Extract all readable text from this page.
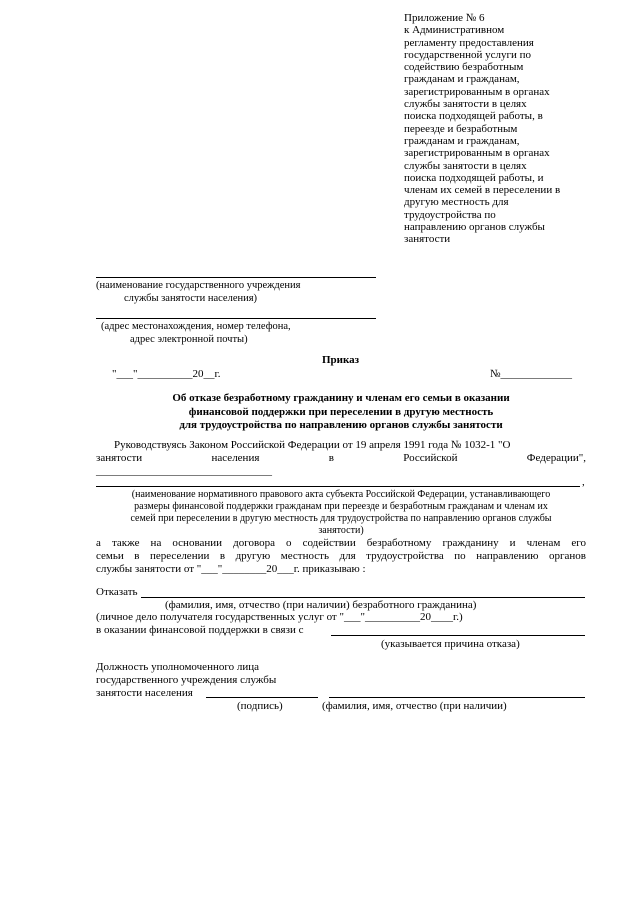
Приложение № 6
к Административном
регламенту предоставления
государственной услуги по
содействию безработным
гражданам и гражданам,
зарегистрированным в органах
службы занятости в целях
поиска подходящей работы, в
переезде и безработным
гражданам и гражданам,
зарегистрированным в органах
службы занятости в целях
поиска подходящей работы, и
членам их семей в переселении в
другую местность для
трудоустройства по
направлению органов службы
занятости
(наименование государственного учреждения
службы занятости населения)
(адрес местонахождения, номер телефона,
адрес электронной почты)
Приказ
"___"__________20__г.	№_____________
Об отказе безработному гражданину и членам его семьи в оказании
финансовой поддержки при переселении в другую местность
для трудоустройства по направлению органов службы занятости
Руководствуясь Законом Российской Федерации от 19 апреля 1991 года № 1032-1 "О
занятости населения в Российской Федерации",
________________________________
,
(наименование нормативного правового акта субъекта Российской Федерации, устанавливающего
размеры финансовой поддержки гражданам при переезде и безработным гражданам и членам их
семей при переселении в другую местность для трудоустройства по направлению органов службы
занятости)
а также на основании договора о содействии безработному гражданину и членам его
семьи в переселении в другую местность для трудоустройства по направлению органов
службы занятости от "___"________20___г. приказываю :
Отказать
(фамилия, имя, отчество (при наличии) безработного гражданина)
(личное дело получателя государственных услуг от "___"__________20____г.)
в оказании финансовой поддержки в связи с
(указывается причина отказа)
Должность уполномоченного лица
государственного учреждения службы
занятости населения
(подпись)	(фамилия, имя, отчество (при наличии)
